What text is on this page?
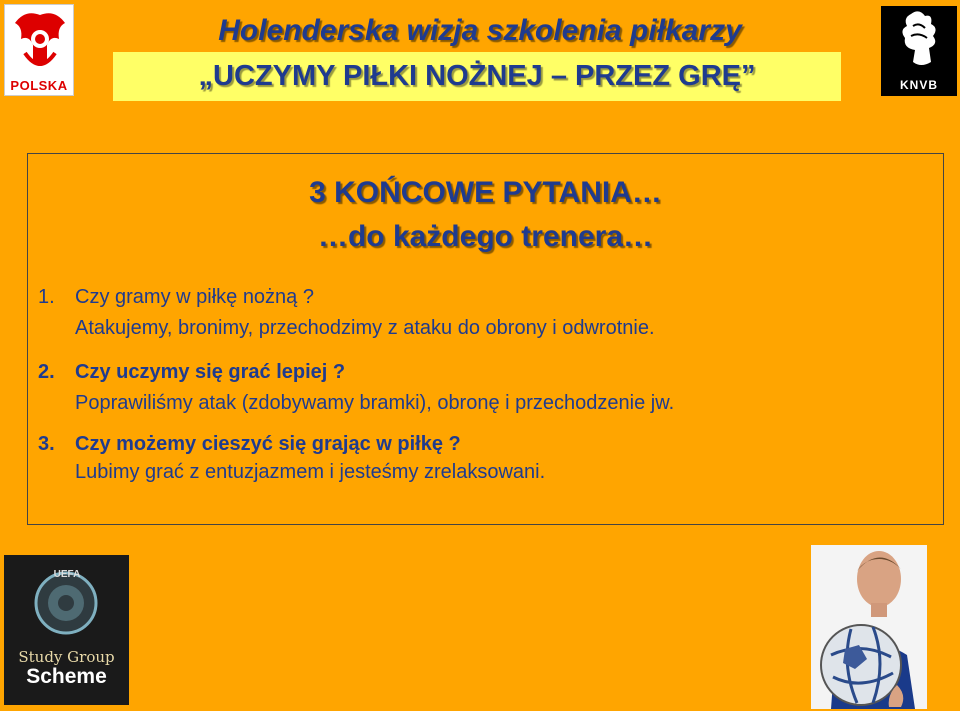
POLSKA
Holenderska wizja szkolenia piłkarzy
„UCZYMY PIŁKI NOŻNEJ – PRZEZ GRĘ”	KNVB
3 KOŃCOWE PYTANIA…
…do każdego trenera…
1. Czy gramy w piłkę nożną ?
Atakujemy, bronimy, przechodzimy z ataku do obrony i odwrotnie.
2. Czy uczymy się grać lepiej ?
Poprawiliśmy atak (zdobywamy bramki), obronę i przechodzenie jw.
3. Czy możemy cieszyć się grając w piłkę ?
Lubimy grać z entuzjazmem i jesteśmy zrelaksowani.
UEFA
Study Group
Scheme
